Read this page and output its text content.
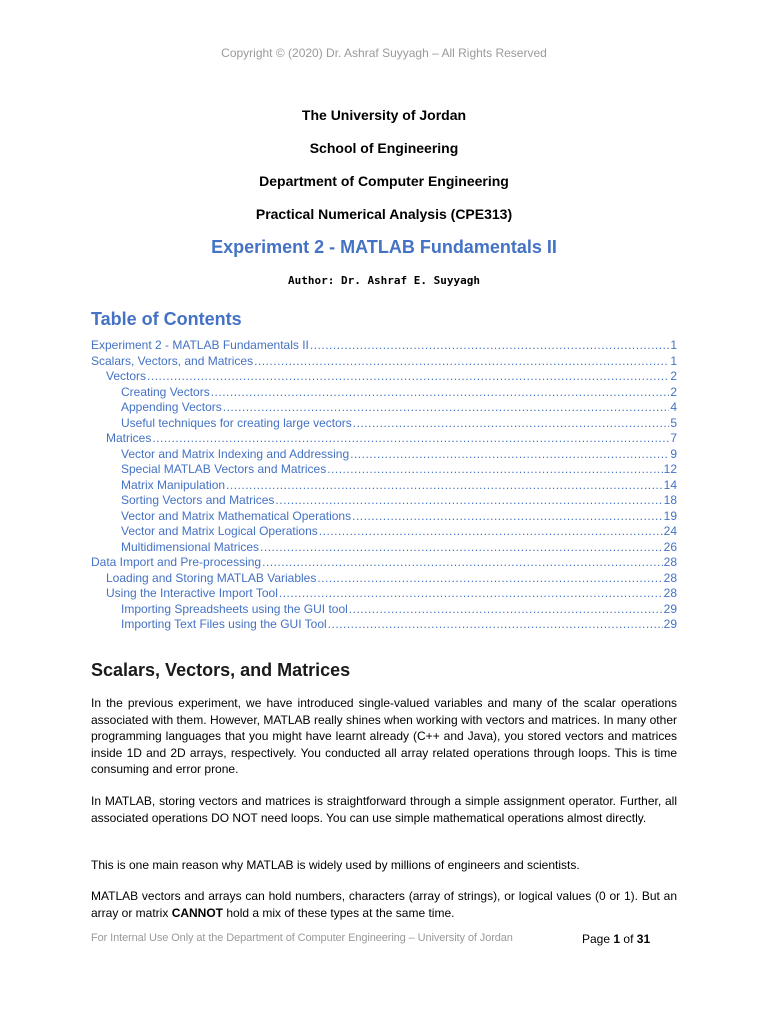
Copyright © (2020) Dr. Ashraf Suyyagh – All Rights Reserved
The University of Jordan
School of Engineering
Department of Computer Engineering
Practical Numerical Analysis (CPE313)
Experiment 2 - MATLAB Fundamentals II
Author: Dr. Ashraf E. Suyyagh
Table of Contents
Experiment 2 - MATLAB Fundamentals II .....	1
Scalars, Vectors, and Matrices .....	1
Vectors .....	2
Creating Vectors .....	2
Appending Vectors .....	4
Useful techniques for creating large vectors .....	5
Matrices .....	7
Vector and Matrix Indexing and Addressing .....	9
Special MATLAB Vectors and Matrices .....	12
Matrix Manipulation .....	14
Sorting Vectors and Matrices .....	18
Vector and Matrix Mathematical Operations .....	19
Vector and Matrix Logical Operations .....	24
Multidimensional Matrices .....	26
Data Import and Pre-processing .....	28
Loading and Storing MATLAB Variables .....	28
Using the Interactive Import Tool .....	28
Importing Spreadsheets using the GUI tool .....	29
Importing Text Files using the GUI Tool .....	29
Scalars, Vectors, and Matrices
In the previous experiment, we have introduced single-valued variables and many of the scalar operations associated with them. However, MATLAB really shines when working with vectors and matrices. In many other programming languages that you might have learnt already (C++ and Java), you stored vectors and matrices inside 1D and 2D arrays, respectively. You conducted all array related operations through loops. This is time consuming and error prone.
In MATLAB, storing vectors and matrices is straightforward through a simple assignment operator. Further, all associated operations DO NOT need loops. You can use simple mathematical operations almost directly.
This is one main reason why MATLAB is widely used by millions of engineers and scientists.
MATLAB vectors and arrays can hold numbers, characters (array of strings), or logical values (0 or 1). But an array or matrix CANNOT hold a mix of these types at the same time.
For Internal Use Only at the Department of Computer Engineering – University of Jordan	Page 1 of 31
